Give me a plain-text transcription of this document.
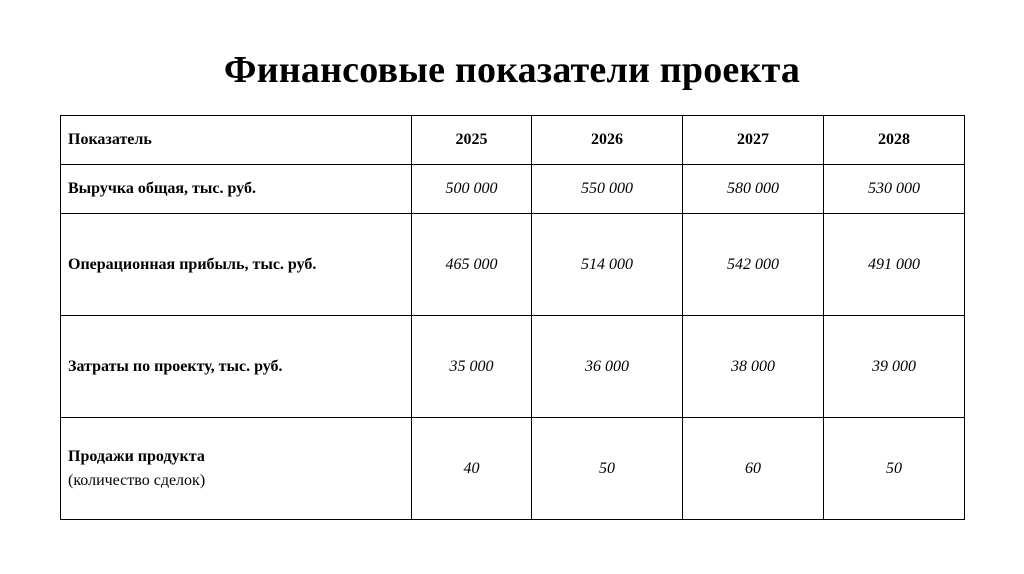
Финансовые показатели проекта
Показатель	2025	2026	2027	2028
Выручка общая, тыс. руб.	500 000	550 000	580 000	530 000
Операционная прибыль, тыс. руб.	465 000	514 000	542 000	491 000
Затраты по проекту, тыс. руб.	35 000	36 000	38 000	39 000

Продажи продукта
(количество сделок)	40	50	60	50
